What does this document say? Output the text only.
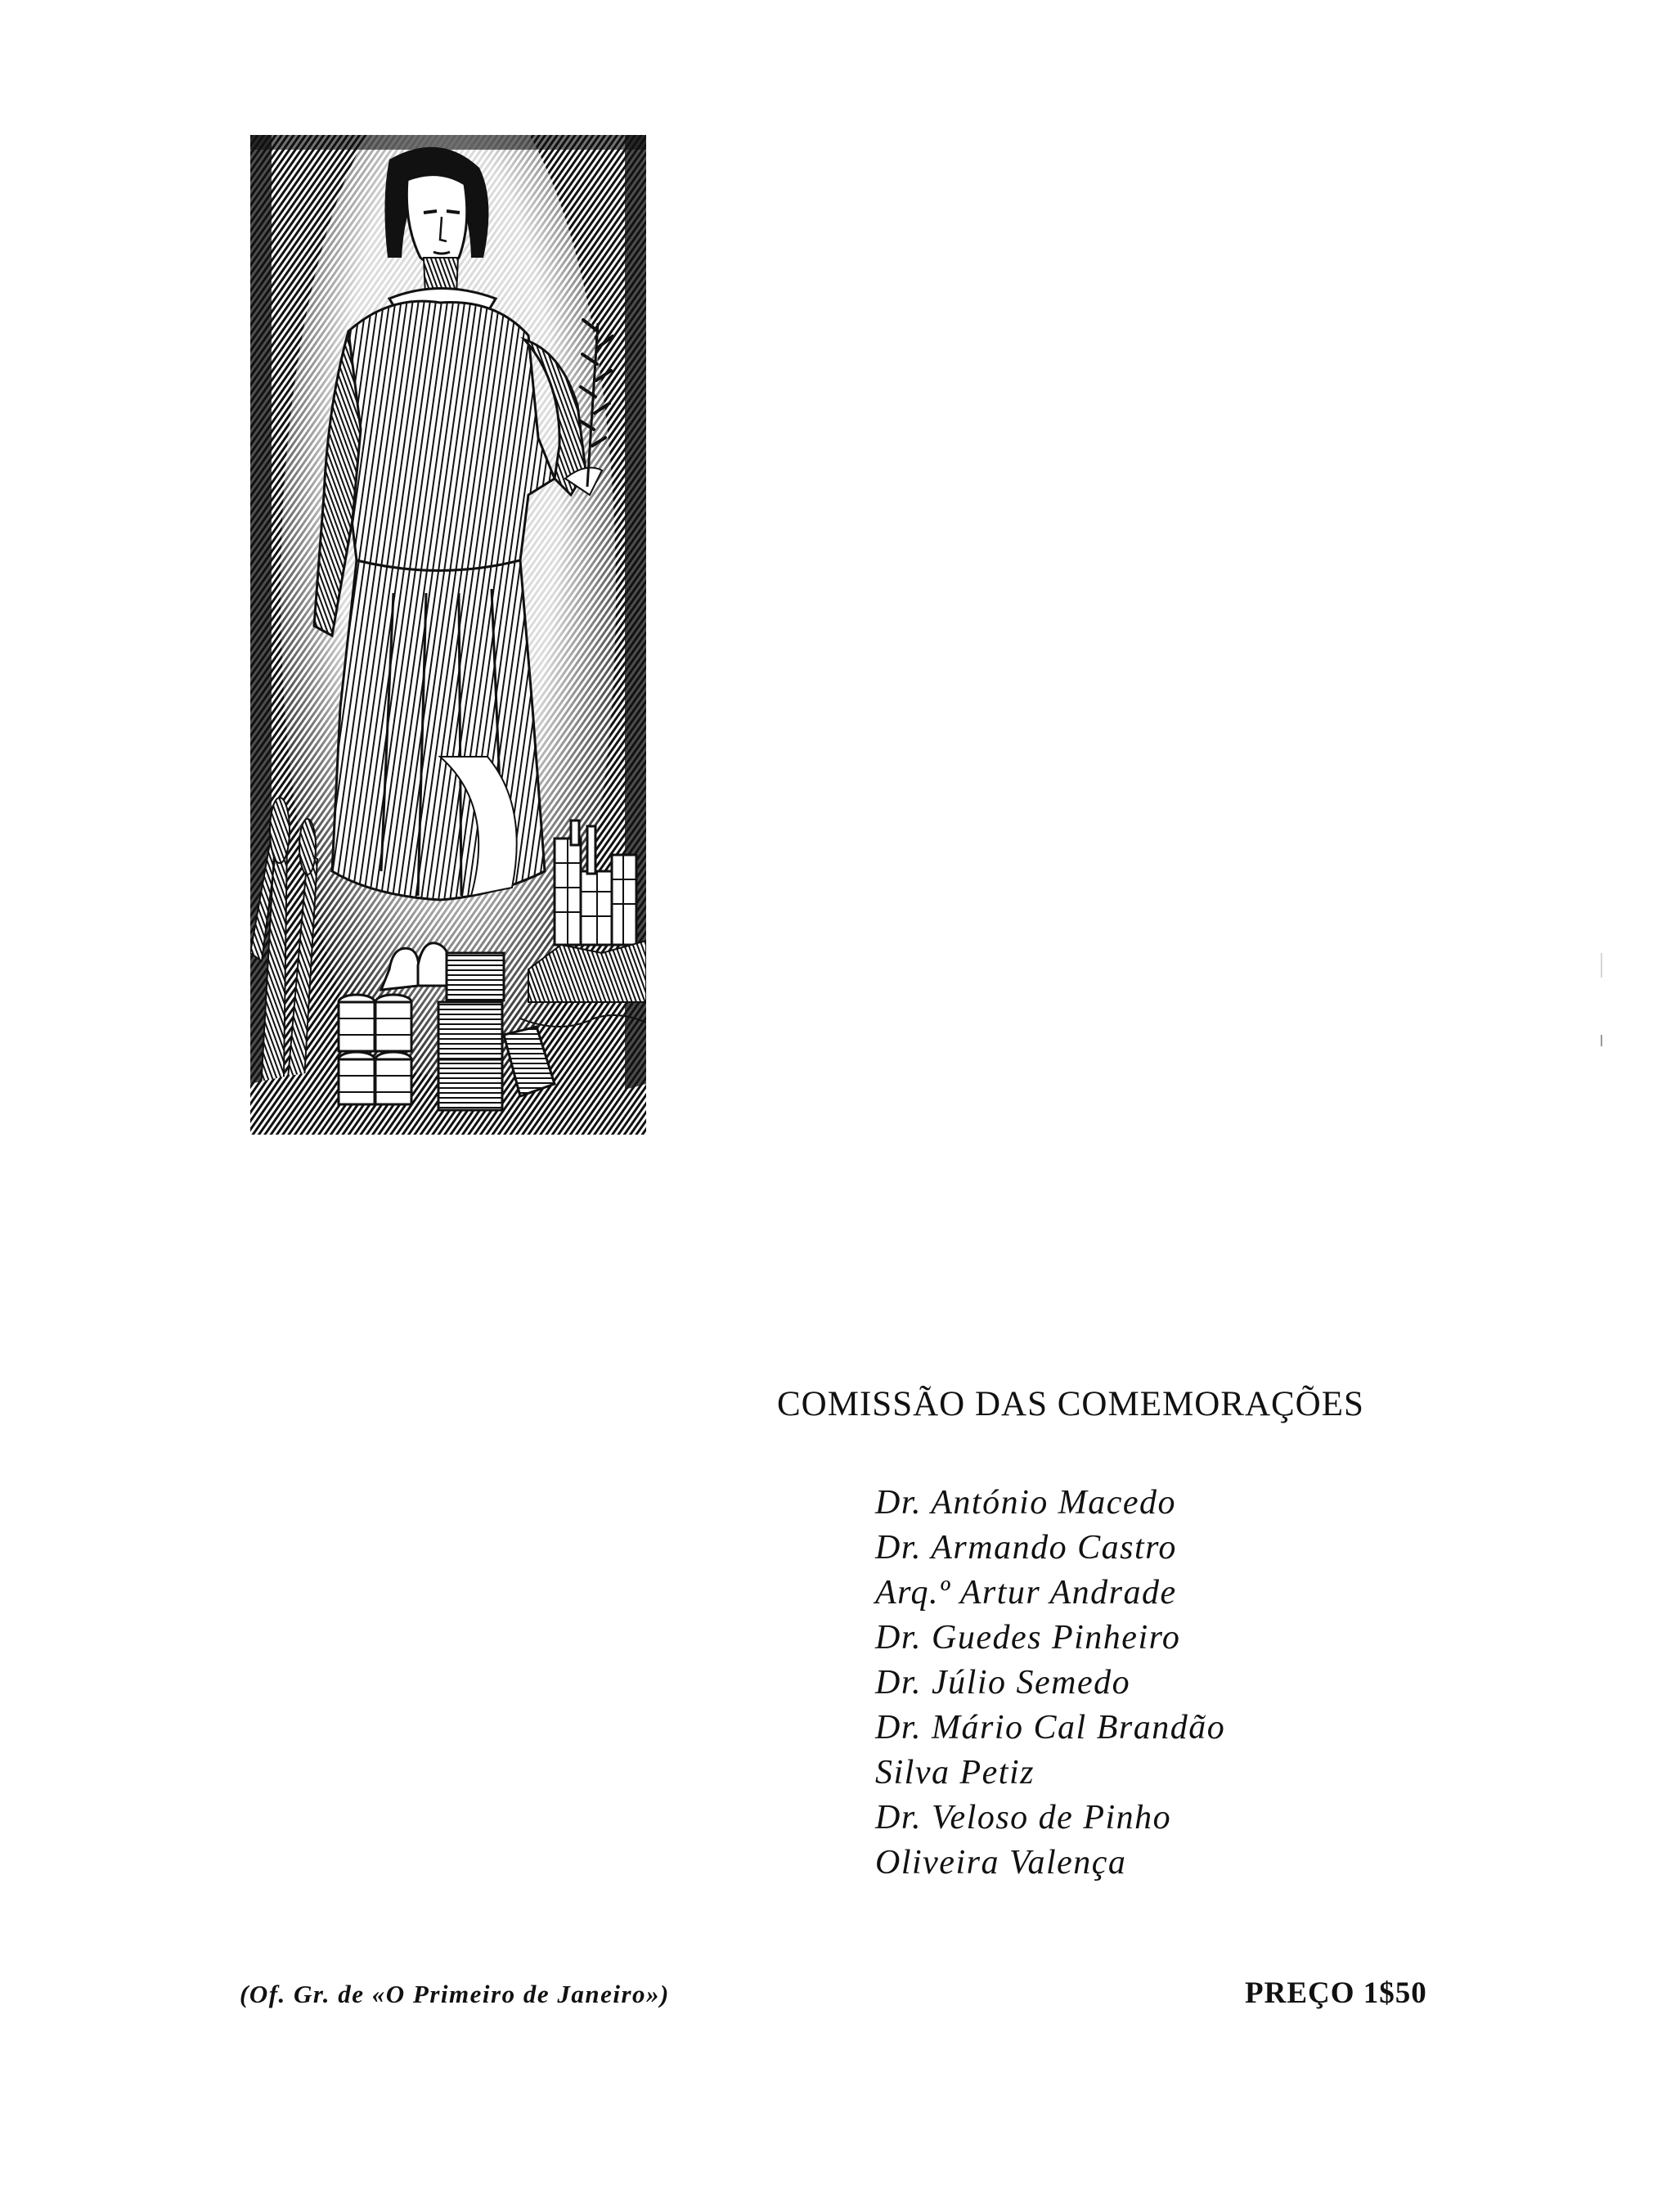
COMISSÃO DAS COMEMORAÇÕES
Dr. António Macedo
Dr. Armando Castro
Arq.º Artur Andrade
Dr. Guedes Pinheiro
Dr. Júlio Semedo
Dr. Mário Cal Brandão
Silva Petiz
Dr. Veloso de Pinho
Oliveira Valença
(Of. Gr. de «O Primeiro de Janeiro»)	PREÇO 1$50
